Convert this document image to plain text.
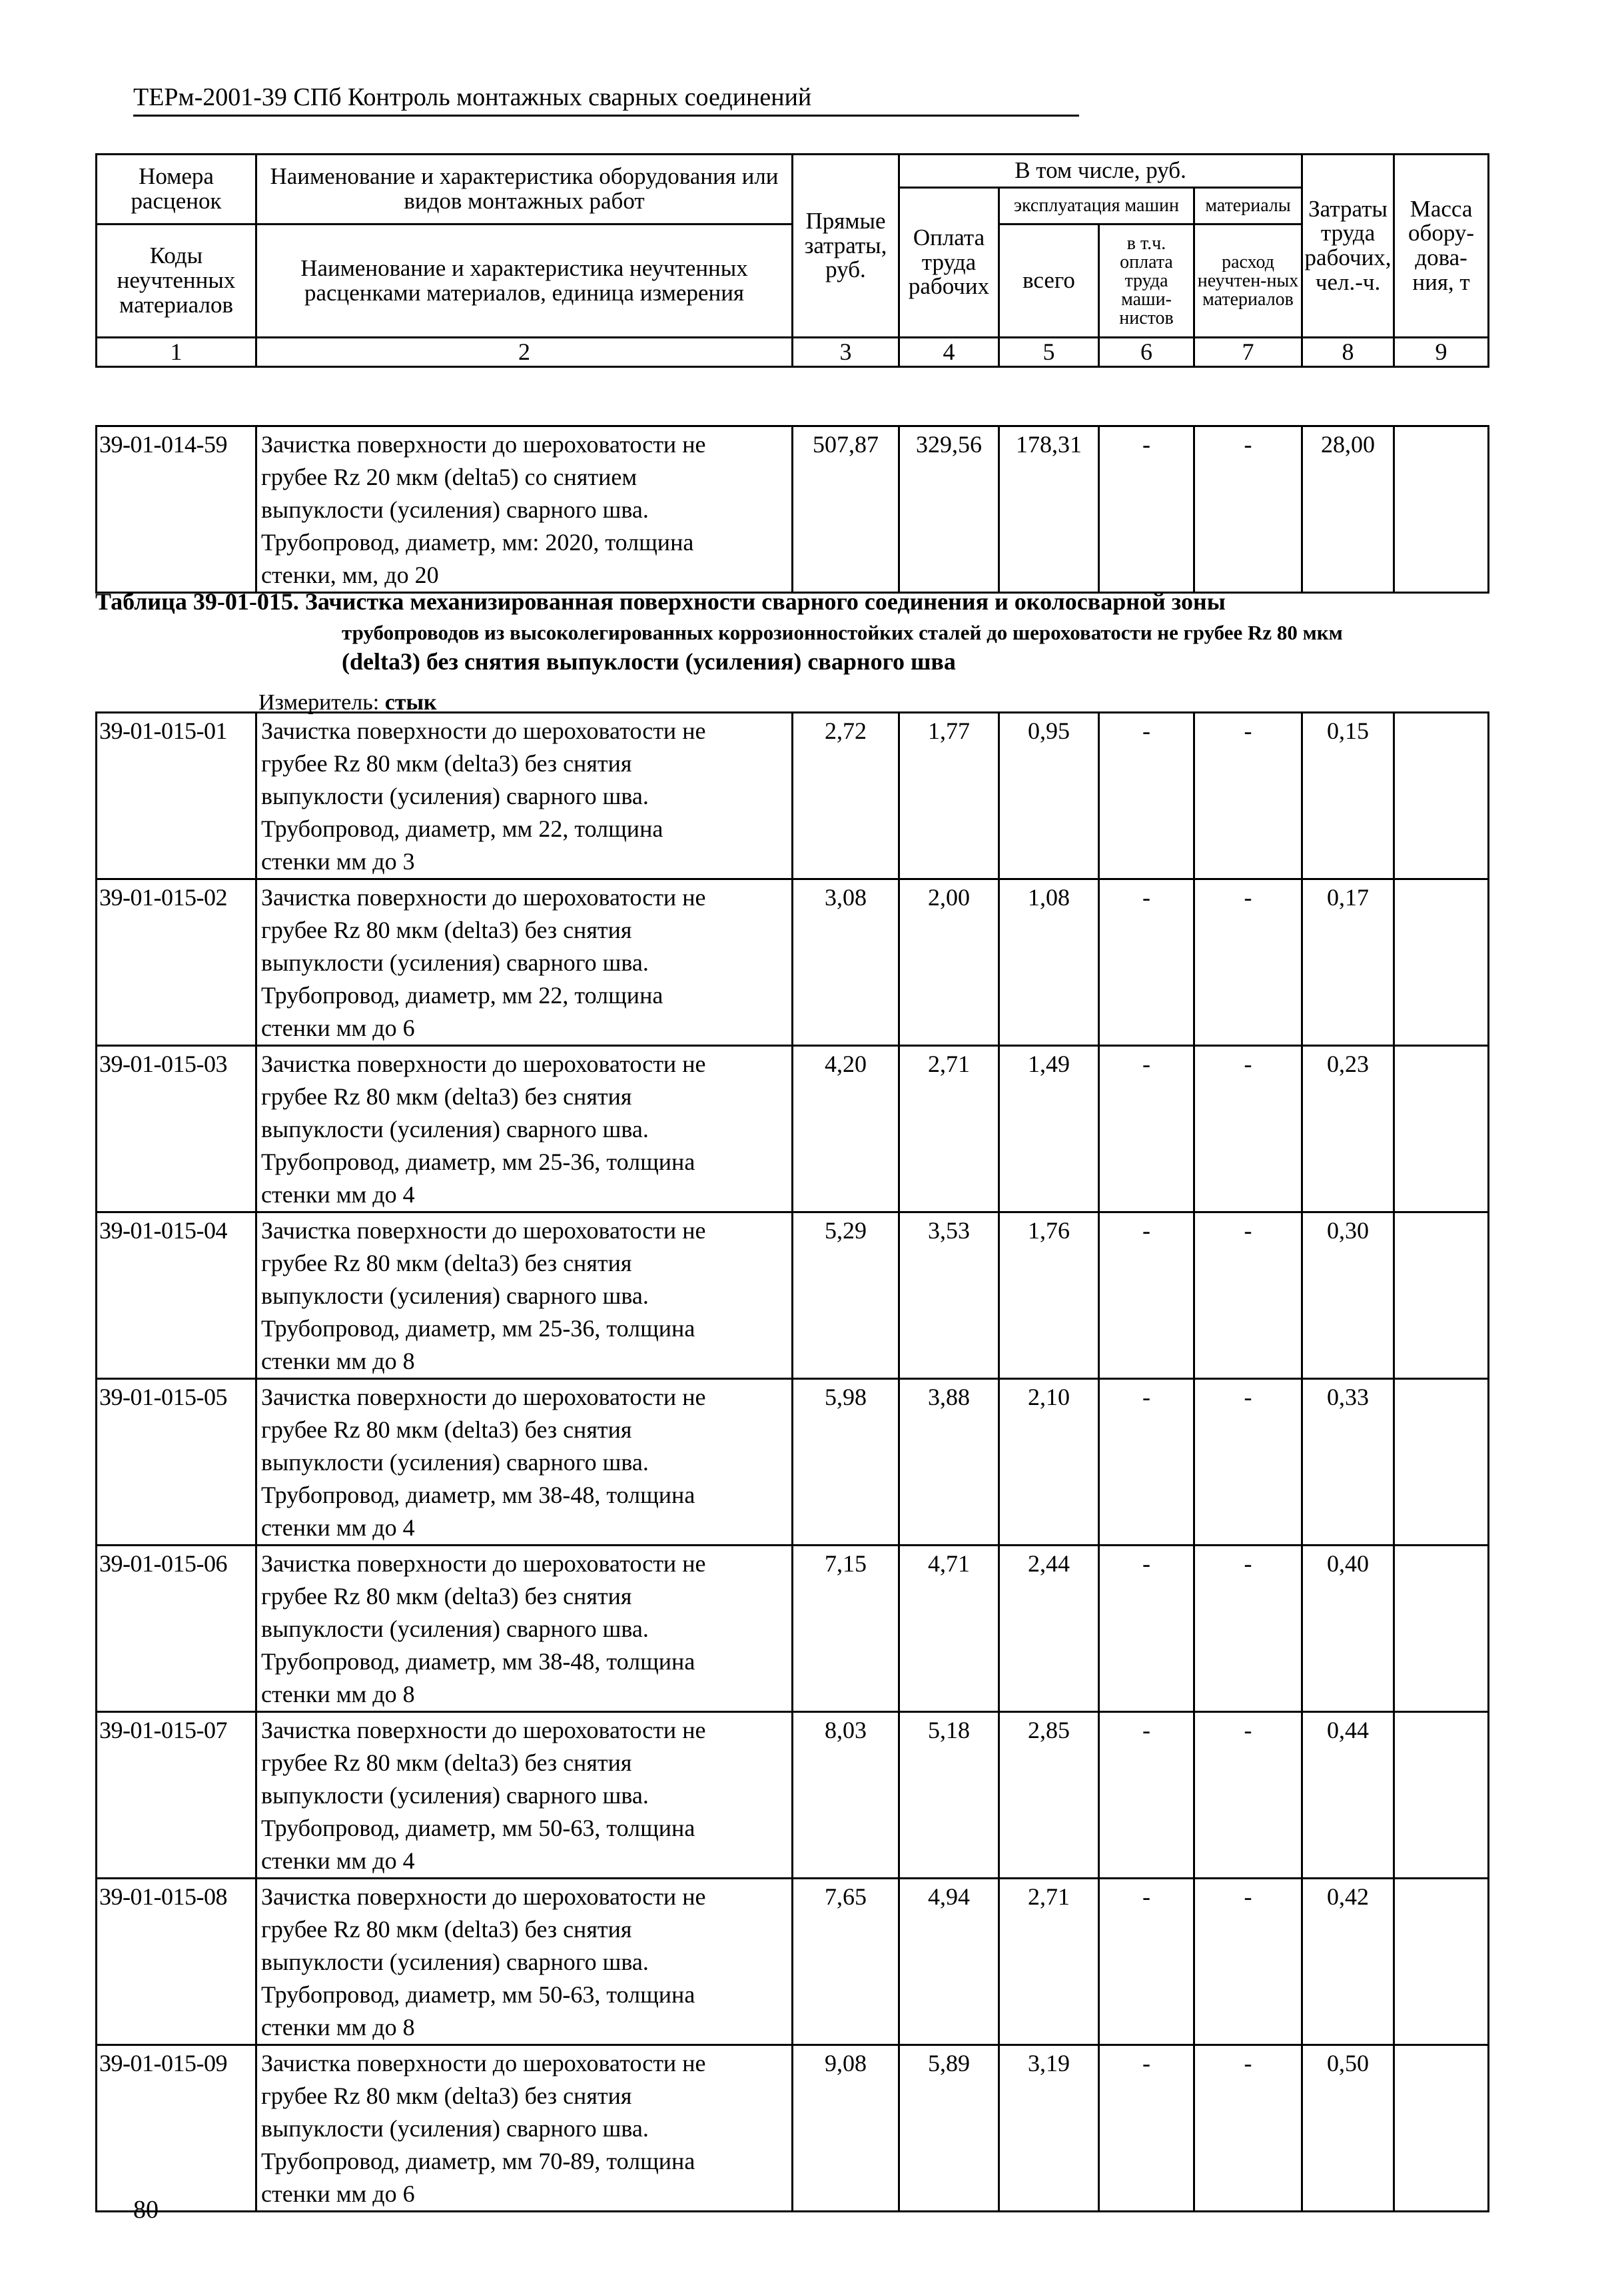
ТЕРм-2001-39 СПб Контроль монтажных сварных соединений
Номера расценок	Наименование и характеристика оборудования или видов монтажных работ	Прямые затраты, руб.	В том числе, руб.				Затраты труда рабочих, чел.-ч.	Масса обору-дова-ния, т
			Оплата труда рабочих	эксплуатация машин		материалы		
Коды неучтенных материалов	Наименование и характеристика неучтенных расценками материалов, единица измерения			всего	в т.ч. оплата труда маши-нистов	расход неучтен-ных материалов		
1	2	3	4	5	6	7	8	9
39-01-014-59	Зачистка поверхности до шероховатости не
грубее Rz 20 мкм (delta5) со снятием
выпуклости (усиления) сварного шва.
Трубопровод, диаметр, мм: 2020, толщина
стенки, мм, до 20
	507,87	329,56	178,31	-	-	28,00	
Таблица 39-01-015. Зачистка механизированная поверхности сварного соединения и околосварной зоны
трубопроводов из высоколегированных коррозионностойких сталей до шероховатости не грубее Rz 80 мкм
(delta3) без снятия выпуклости (усиления) сварного шва
Измеритель: стык
39-01-015-01	Зачистка поверхности до шероховатости не
грубее Rz 80 мкм (delta3) без снятия
выпуклости (усиления) сварного шва.
Трубопровод, диаметр, мм 22, толщина
стенки мм до 3	2,72	1,77	0,95	-	-	0,15	
39-01-015-02	Зачистка поверхности до шероховатости не
грубее Rz 80 мкм (delta3) без снятия
выпуклости (усиления) сварного шва.
Трубопровод, диаметр, мм 22, толщина
стенки мм до 6	3,08	2,00	1,08	-	-	0,17	
39-01-015-03	Зачистка поверхности до шероховатости не
грубее Rz 80 мкм (delta3) без снятия
выпуклости (усиления) сварного шва.
Трубопровод, диаметр, мм 25-36, толщина
стенки мм до 4	4,20	2,71	1,49	-	-	0,23	
39-01-015-04	Зачистка поверхности до шероховатости не
грубее Rz 80 мкм (delta3) без снятия
выпуклости (усиления) сварного шва.
Трубопровод, диаметр, мм 25-36, толщина
стенки мм до 8	5,29	3,53	1,76	-	-	0,30	
39-01-015-05	Зачистка поверхности до шероховатости не
грубее Rz 80 мкм (delta3) без снятия
выпуклости (усиления) сварного шва.
Трубопровод, диаметр, мм 38-48, толщина
стенки мм до 4	5,98	3,88	2,10	-	-	0,33	
39-01-015-06	Зачистка поверхности до шероховатости не
грубее Rz 80 мкм (delta3) без снятия
выпуклости (усиления) сварного шва.
Трубопровод, диаметр, мм 38-48, толщина
стенки мм до 8	7,15	4,71	2,44	-	-	0,40	
39-01-015-07	Зачистка поверхности до шероховатости не
грубее Rz 80 мкм (delta3) без снятия
выпуклости (усиления) сварного шва.
Трубопровод, диаметр, мм 50-63, толщина
стенки мм до 4	8,03	5,18	2,85	-	-	0,44	
39-01-015-08	Зачистка поверхности до шероховатости не
грубее Rz 80 мкм (delta3) без снятия
выпуклости (усиления) сварного шва.
Трубопровод, диаметр, мм 50-63, толщина
стенки мм до 8	7,65	4,94	2,71	-	-	0,42	
39-01-015-09	Зачистка поверхности до шероховатости не
грубее Rz 80 мкм (delta3) без снятия
выпуклости (усиления) сварного шва.
Трубопровод, диаметр, мм 70-89, толщина
стенки мм до 6	9,08	5,89	3,19	-	-	0,50	
80
